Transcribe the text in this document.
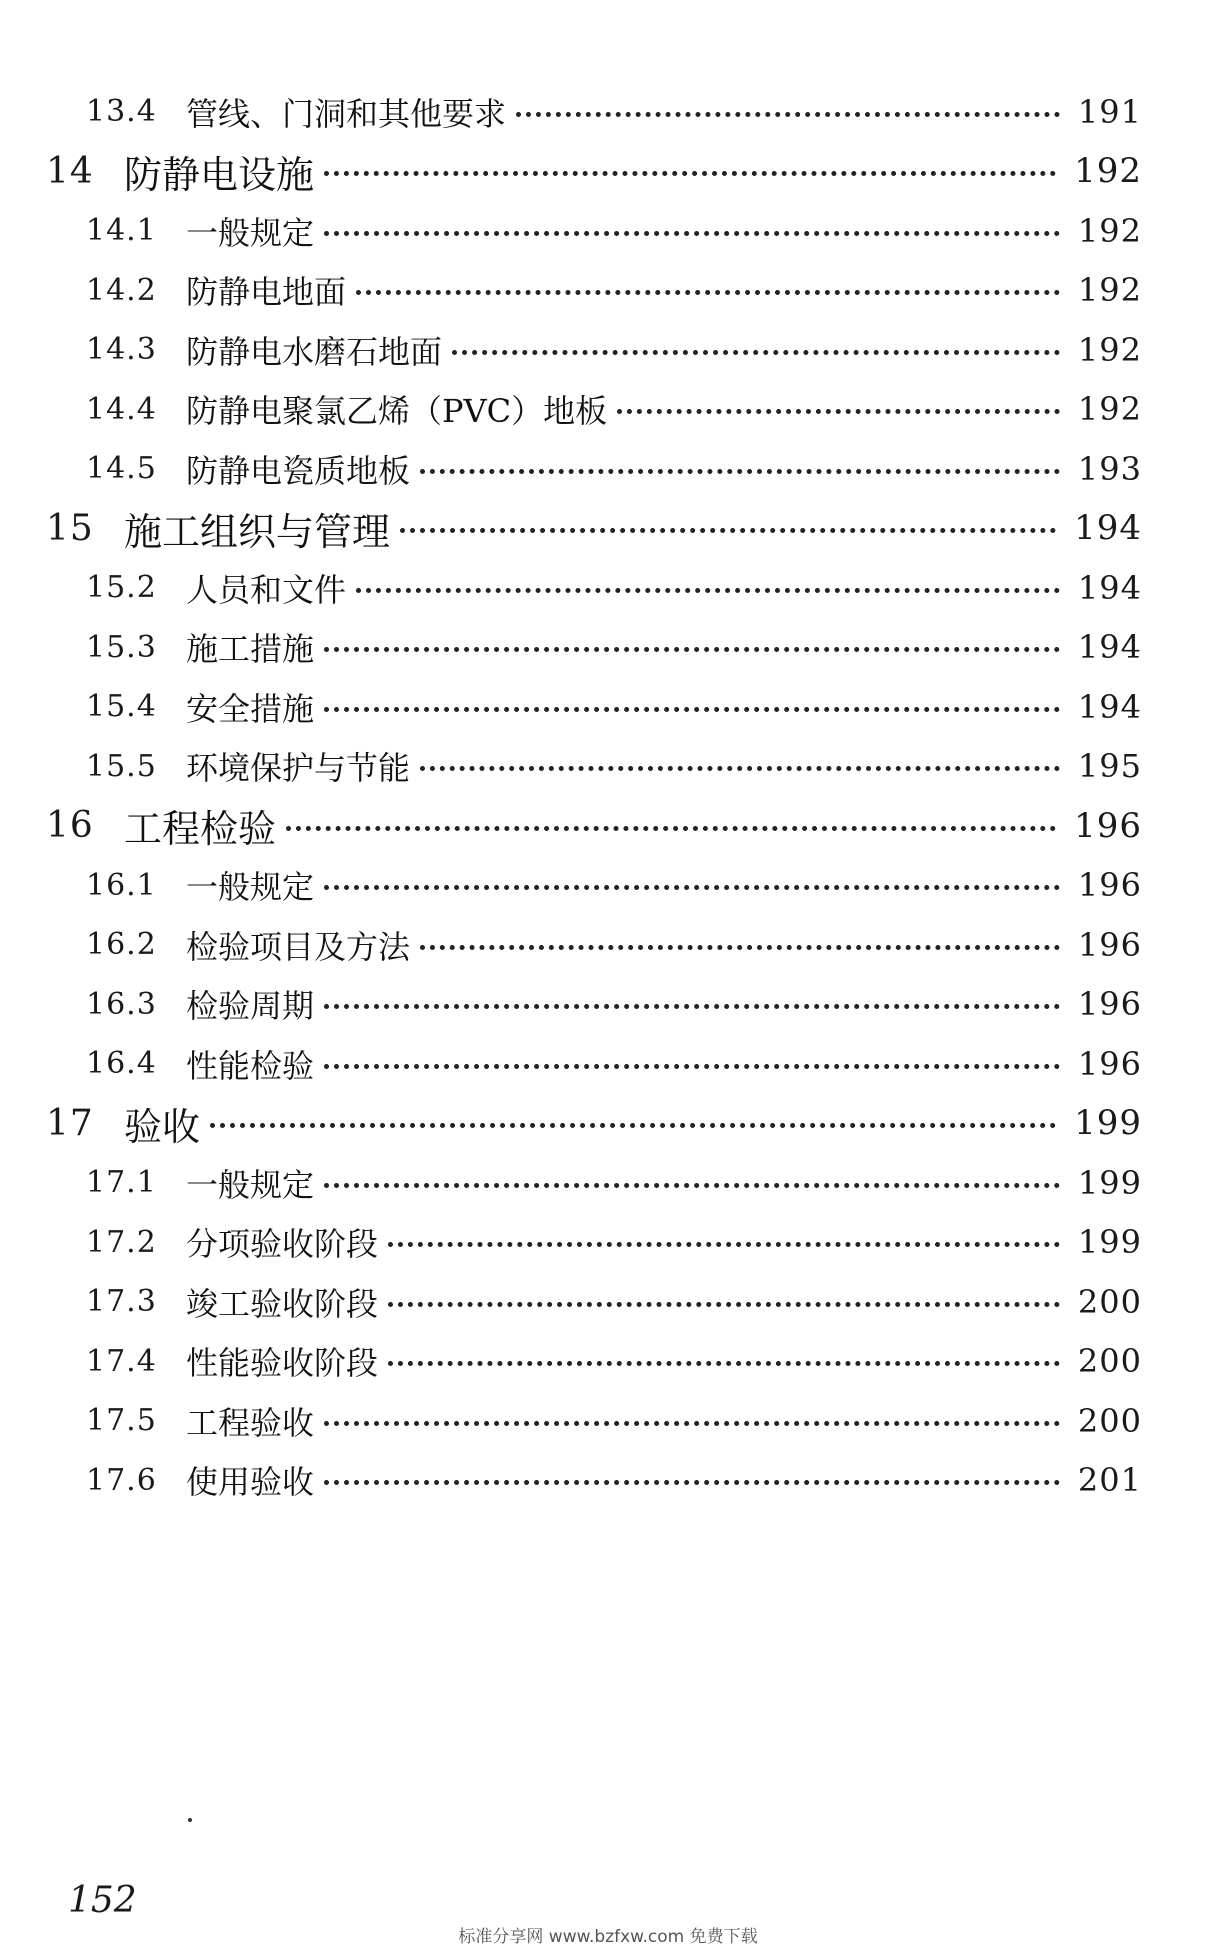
13.4 管线、门洞和其他要求	191
14 防静电设施	192
14.1 一般规定	192
14.2 防静电地面	192
14.3 防静电水磨石地面	192
14.4 防静电聚氯乙烯（PVC）地板	192
14.5 防静电瓷质地板	193
15 施工组织与管理	194
15.2 人员和文件	194
15.3 施工措施	194
15.4 安全措施	194
15.5 环境保护与节能	195
16 工程检验	196
16.1 一般规定	196
16.2 检验项目及方法	196
16.3 检验周期	196
16.4 性能检验	196
17 验收	199
17.1 一般规定	199
17.2 分项验收阶段	199
17.3 竣工验收阶段	200
17.4 性能验收阶段	200
17.5 工程验收	200
17.6 使用验收	201
152
标准分享网 www.bzfxw.com 免费下载
